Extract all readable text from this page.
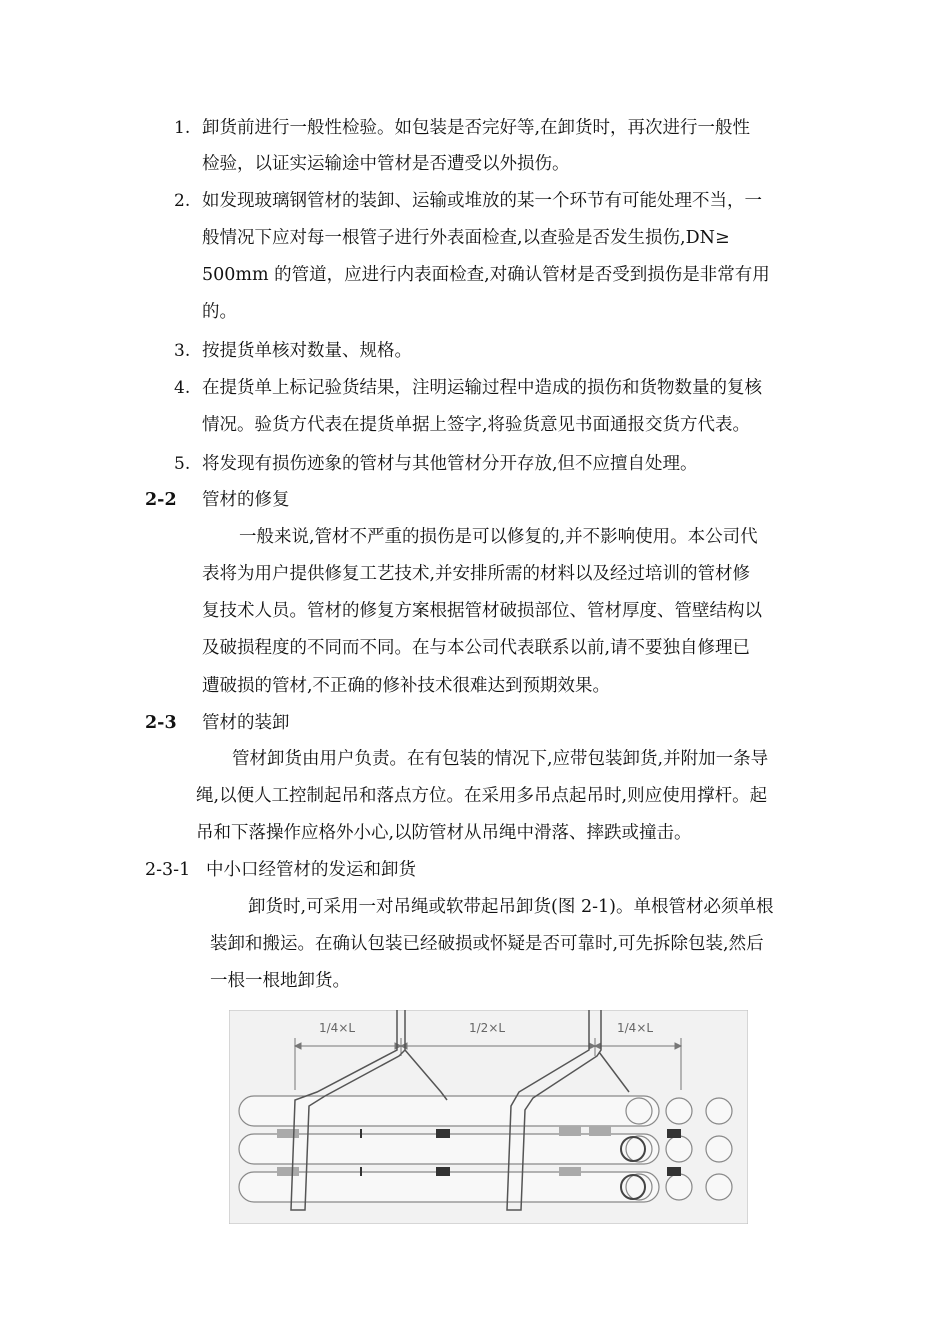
1. 卸货前进行一般性检验。如包装是否完好等,在卸货时，再次进行一般性
检验，以证实运输途中管材是否遭受以外损伤。
2. 如发现玻璃钢管材的装卸、运输或堆放的某一个环节有可能处理不当，一
般情况下应对每一根管子进行外表面检查,以查验是否发生损伤,DN≥
500mm 的管道，应进行内表面检查,对确认管材是否受到损伤是非常有用
的。
3. 按提货单核对数量、规格。
4. 在提货单上标记验货结果，注明运输过程中造成的损伤和货物数量的复核
情况。验货方代表在提货单据上签字,将验货意见书面通报交货方代表。
5. 将发现有损伤迹象的管材与其他管材分开存放,但不应擅自处理。
2-2 管材的修复
一般来说,管材不严重的损伤是可以修复的,并不影响使用。本公司代
表将为用户提供修复工艺技术,并安排所需的材料以及经过培训的管材修
复技术人员。管材的修复方案根据管材破损部位、管材厚度、管壁结构以
及破损程度的不同而不同。在与本公司代表联系以前,请不要独自修理已
遭破损的管材,不正确的修补技术很难达到预期效果。
2-3 管材的装卸
管材卸货由用户负责。在有包装的情况下,应带包装卸货,并附加一条导
绳,以便人工控制起吊和落点方位。在采用多吊点起吊时,则应使用撑杆。起
吊和下落操作应格外小心,以防管材从吊绳中滑落、摔跌或撞击。
2-3-1 中小口经管材的发运和卸货
卸货时,可采用一对吊绳或软带起吊卸货(图 2-1)。单根管材必须单根
装卸和搬运。在确认包装已经破损或怀疑是否可靠时,可先拆除包装,然后
一根一根地卸货。
1/4×L	1/2×L	1/4×L
